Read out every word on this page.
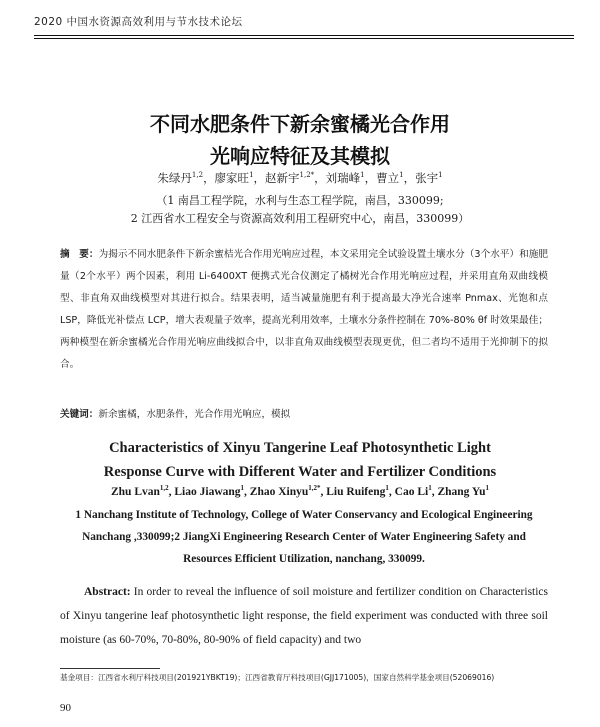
2020 中国水资源高效利用与节水技术论坛
不同水肥条件下新余蜜橘光合作用
光响应特征及其模拟
朱绿丹$^{1,2}$，廖家旺$^1$，赵新宇$^{1,2*}$，刘瑞峰$^1$，曹立$^1$，张宇$^1$
（1 南昌工程学院，水利与生态工程学院，南昌，330099;
2 江西省水工程安全与资源高效利用工程研究中心，南昌，330099）
摘　要：为揭示不同水肥条件下新余蜜桔光合作用光响应过程，本文采用完全试验设置土壤水分（3个水平）和施肥量（2个水平）两个因素，利用 Li-6400XT 便携式光合仪测定了橘树光合作用光响应过程，并采用直角双曲线模型、非直角双曲线模型对其进行拟合。结果表明，适当减量施肥有利于提高最大净光合速率 Pnmax、光饱和点 LSP，降低光补偿点 LCP，增大表观量子效率，提高光利用效率，土壤水分条件控制在 70%-80% θf 时效果最佳；两种模型在新余蜜橘光合作用光响应曲线拟合中，以非直角双曲线模型表现更优，但二者均不适用于光抑制下的拟合。
关键词：新余蜜橘，水肥条件，光合作用光响应，模拟
Characteristics of Xinyu Tangerine Leaf Photosynthetic Light
Response Curve with Different Water and Fertilizer Conditions
Zhu Lvan$^{1,2}$, Liao Jiawang$^1$, Zhao Xinyu$^{1,2*}$, Liu Ruifeng$^1$, Cao Li$^1$, Zhang Yu$^1$
1 Nanchang Institute of Technology, College of Water Conservancy and Ecological Engineering Nanchang ,330099;2 JiangXi Engineering Research Center of Water Engineering Safety and Resources Efficient Utilization, nanchang, 330099.
Abstract: In order to reveal the influence of soil moisture and fertilizer condition on Characteristics of Xinyu tangerine leaf photosynthetic light response, the field experiment was conducted with three soil moisture (as 60-70%, 70-80%, 80-90% of field capacity) and two
基金项目：江西省水利厅科技项目(201921YBKT19)；江西省教育厅科技项目(GJJ171005)，国家自然科学基金项目(52069016)
90
